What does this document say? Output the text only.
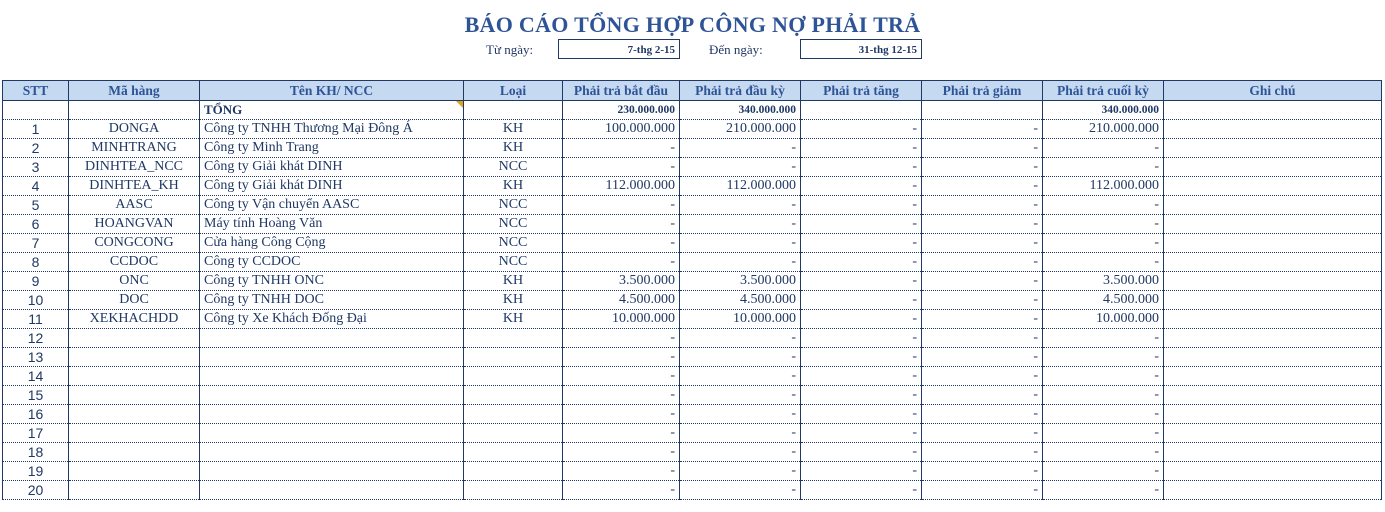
BÁO CÁO TỔNG HỢP CÔNG NỢ PHẢI TRẢ
Từ ngày:	7-thg 2-15	Đến ngày:	31-thg 12-15
STT	Mã hàng	Tên KH/ NCC	Loại	Phải trả bắt đầu	Phải trả đầu kỳ	Phải trả tăng	Phải trả giảm	Phải trả cuối kỳ	Ghi chú
		TỔNG		230.000.000	340.000.000			340.000.000	
1	DONGA	Công ty TNHH Thương Mại Đông Á	KH	100.000.000	210.000.000	-	-	210.000.000	
2	MINHTRANG	Công ty Minh Trang	KH	-	-	-	-	-	
3	DINHTEA_NCC	Công ty Giải khát DINH	NCC	-	-	-	-	-	
4	DINHTEA_KH	Công ty Giải khát DINH	KH	112.000.000	112.000.000	-	-	112.000.000	
5	AASC	Công ty Vận chuyển AASC	NCC	-	-	-	-	-	
6	HOANGVAN	Máy tính Hoàng Văn	NCC	-	-	-	-	-	
7	CONGCONG	Cửa hàng Công Cộng	NCC	-	-	-	-	-	
8	CCDOC	Công ty CCDOC	NCC	-	-	-	-	-	
9	ONC	Công ty TNHH ONC	KH	3.500.000	3.500.000	-	-	3.500.000	
10	DOC	Công ty TNHH DOC	KH	4.500.000	4.500.000	-	-	4.500.000	
11	XEKHACHDD	Công ty Xe Khách Đống Đại	KH	10.000.000	10.000.000	-	-	10.000.000	
12				-	-	-	-	-	
13				-	-	-	-	-	
14				-	-	-	-	-	
15				-	-	-	-	-	
16				-	-	-	-	-	
17				-	-	-	-	-	
18				-	-	-	-	-	
19				-	-	-	-	-	
20				-	-	-	-	-	
